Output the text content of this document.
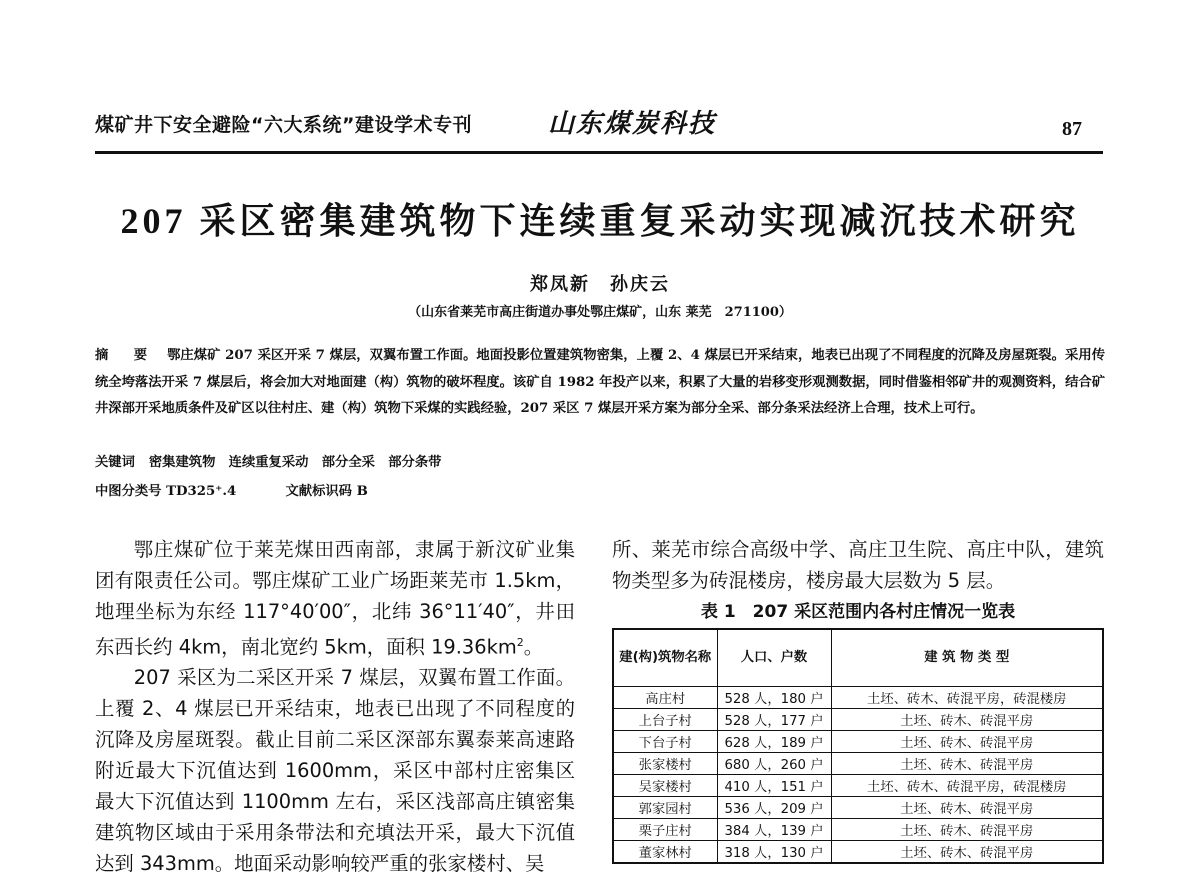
煤矿井下安全避险“六大系统”建设学术专刊	山东煤炭科技	87
207 采区密集建筑物下连续重复采动实现减沉技术研究
郑凤新　孙庆云
（山东省莱芜市高庄街道办事处鄂庄煤矿，山东 莱芜　271100）
摘　要 鄂庄煤矿 207 采区开采 7 煤层，双翼布置工作面。地面投影位置建筑物密集，上覆 2、4 煤层已开采结束，地表已出现了不同程度的沉降及房屋斑裂。采用传统全垮落法开采 7 煤层后，将会加大对地面建（构）筑物的破坏程度。该矿自 1982 年投产以来，积累了大量的岩移变形观测数据，同时借鉴相邻矿井的观测资料，结合矿井深部开采地质条件及矿区以往村庄、建（构）筑物下采煤的实践经验，207 采区 7 煤层开采方案为部分全采、部分条采法经济上合理，技术上可行。
关键词 密集建筑物　连续重复采动　部分全采　部分条带
中图分类号 TD325⁺.4	文献标识码 B

鄂庄煤矿位于莱芜煤田西南部，隶属于新汶矿业集团有限责任公司。鄂庄煤矿工业广场距莱芜市 1.5km，地理坐标为东经 117°40′00″，北纬 36°11′40″，井田东西长约 4km，南北宽约 5km，面积 $19.36km^2$。

207 采区为二采区开采 7 煤层，双翼布置工作面。上覆 2、4 煤层已开采结束，地表已出现了不同程度的沉降及房屋斑裂。截止目前二采区深部东翼泰莱高速路附近最大下沉值达到 1600mm，采区中部村庄密集区最大下沉值达到 1100mm 左右，采区浅部高庄镇密集建筑物区域由于采用条带法和充填法开采，最大下沉值达到 343mm。地面采动影响较严重的张家楼村、吴

所、莱芜市综合高级中学、高庄卫生院、高庄中队，建筑物类型多为砖混楼房，楼房最大层数为 5 层。

表 1　207 采区范围内各村庄情况一览表
建(构)筑物名称	人口、户数	建 筑 物 类 型
高庄村	528 人，180 户	土坯、砖木、砖混平房，砖混楼房
上台子村	528 人，177 户	土坯、砖木、砖混平房
下台子村	628 人，189 户	土坯、砖木、砖混平房
张家楼村	680 人，260 户	土坯、砖木、砖混平房
吴家楼村	410 人，151 户	土坯、砖木、砖混平房，砖混楼房
郭家园村	536 人，209 户	土坯、砖木、砖混平房
栗子庄村	384 人，139 户	土坯、砖木、砖混平房
董家林村	318 人，130 户	土坯、砖木、砖混平房
